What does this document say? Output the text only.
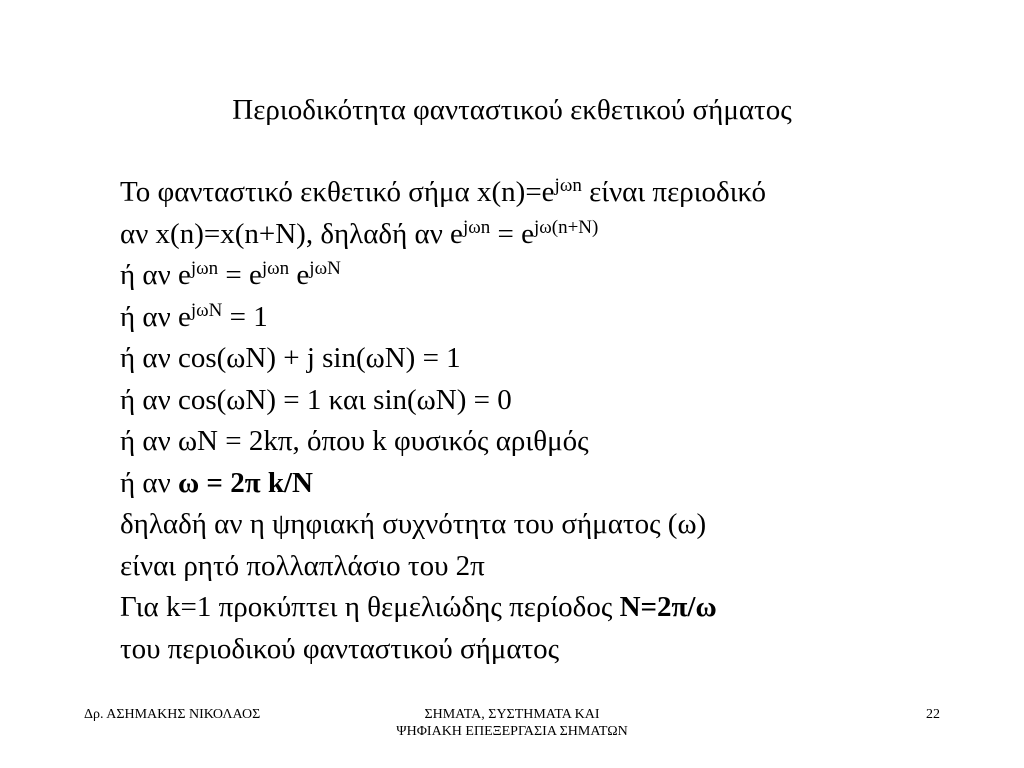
Περιοδικότητα φανταστικού εκθετικού σήματος
Το φανταστικό εκθετικό σήμα $x(n)=e^{j\omega n}$ είναι περιοδικό
αν x(n)=x(n+N), δηλαδή αν $e^{j\omega n} = e^{j\omega(n+N)}$
ή αν $e^{j\omega n} = e^{j\omega n}$ $e^{j\omega N}$
ή αν $e^{j\omega N} = 1$
ή αν cos(ωN) + j sin(ωN) = 1
ή αν cos(ωN) = 1 και sin(ωN) = 0
ή αν ωN = 2kπ, όπου k φυσικός αριθμός
ή αν ω = 2π k/N
δηλαδή αν η ψηφιακή συχνότητα του σήματος (ω)
είναι ρητό πολλαπλάσιο του 2π
Για k=1 προκύπτει η θεμελιώδης περίοδος N=2π/ω
του περιοδικού φανταστικού σήματος
Δρ. ΑΣΗΜΑΚΗΣ ΝΙΚΟΛΑΟΣ	ΣΗΜΑΤΑ, ΣΥΣΤΗΜΑΤΑ ΚΑΙ
ΨΗΦΙΑΚΗ ΕΠΕΞΕΡΓΑΣΙΑ ΣΗΜΑΤΩΝ
22
